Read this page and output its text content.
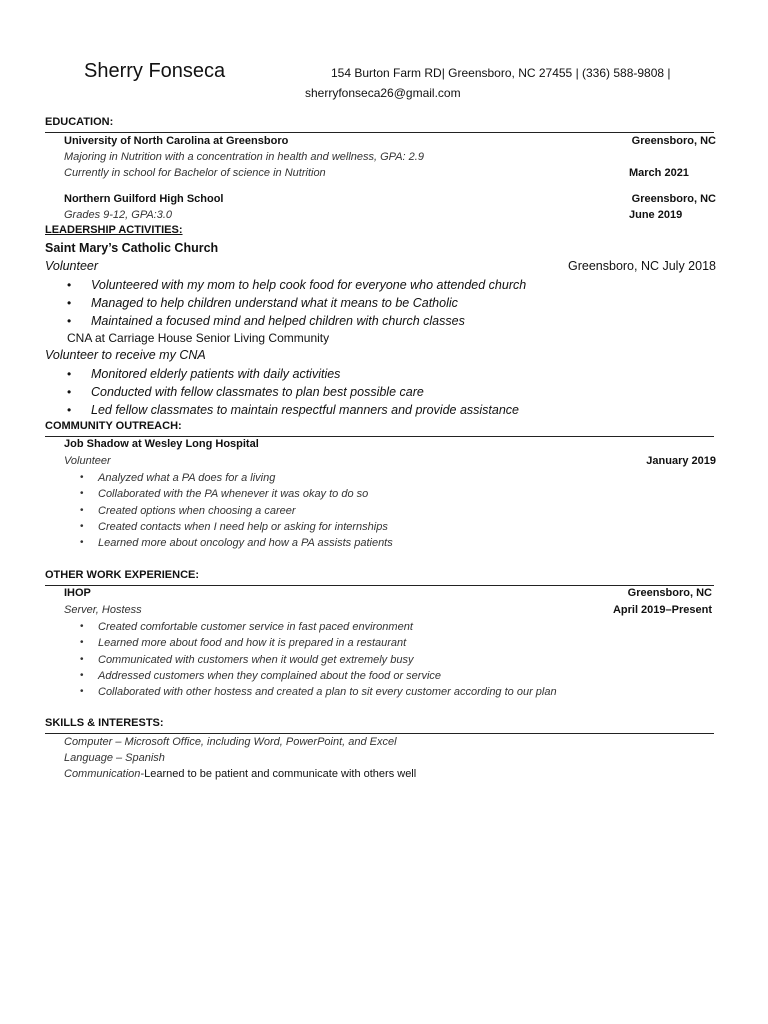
Sherry Fonseca	154 Burton Farm RD| Greensboro, NC 27455 | (336) 588-9808 |
sherryfonseca26@gmail.com
EDUCATION:
University of North Carolina at Greensboro	Greensboro, NC
Majoring in Nutrition with a concentration in health and wellness, GPA: 2.9
Currently in school for Bachelor of science in Nutrition	March 2021
Northern Guilford High School	Greensboro, NC
Grades 9-12, GPA:3.0	June 2019
LEADERSHIP ACTIVITIES:
Saint Mary’s Catholic Church
Volunteer	Greensboro, NC July 2018
• Volunteered with my mom to help cook food for everyone who attended church
• Managed to help children understand what it means to be Catholic
• Maintained a focused mind and helped children with church classes
CNA at Carriage House Senior Living Community
Volunteer to receive my CNA
• Monitored elderly patients with daily activities
• Conducted with fellow classmates to plan best possible care
• Led fellow classmates to maintain respectful manners and provide assistance
COMMUNITY OUTREACH:
Job Shadow at Wesley Long Hospital
Volunteer	January 2019
• Analyzed what a PA does for a living
• Collaborated with the PA whenever it was okay to do so
• Created options when choosing a career
• Created contacts when I need help or asking for internships
• Learned more about oncology and how a PA assists patients
OTHER WORK EXPERIENCE:
IHOP	Greensboro, NC
Server, Hostess	April 2019–Present
• Created comfortable customer service in fast paced environment
• Learned more about food and how it is prepared in a restaurant
• Communicated with customers when it would get extremely busy
• Addressed customers when they complained about the food or service
• Collaborated with other hostess and created a plan to sit every customer according to our plan
SKILLS & INTERESTS:
Computer – Microsoft Office, including Word, PowerPoint, and Excel
Language – Spanish
Communication-Learned to be patient and communicate with others well
